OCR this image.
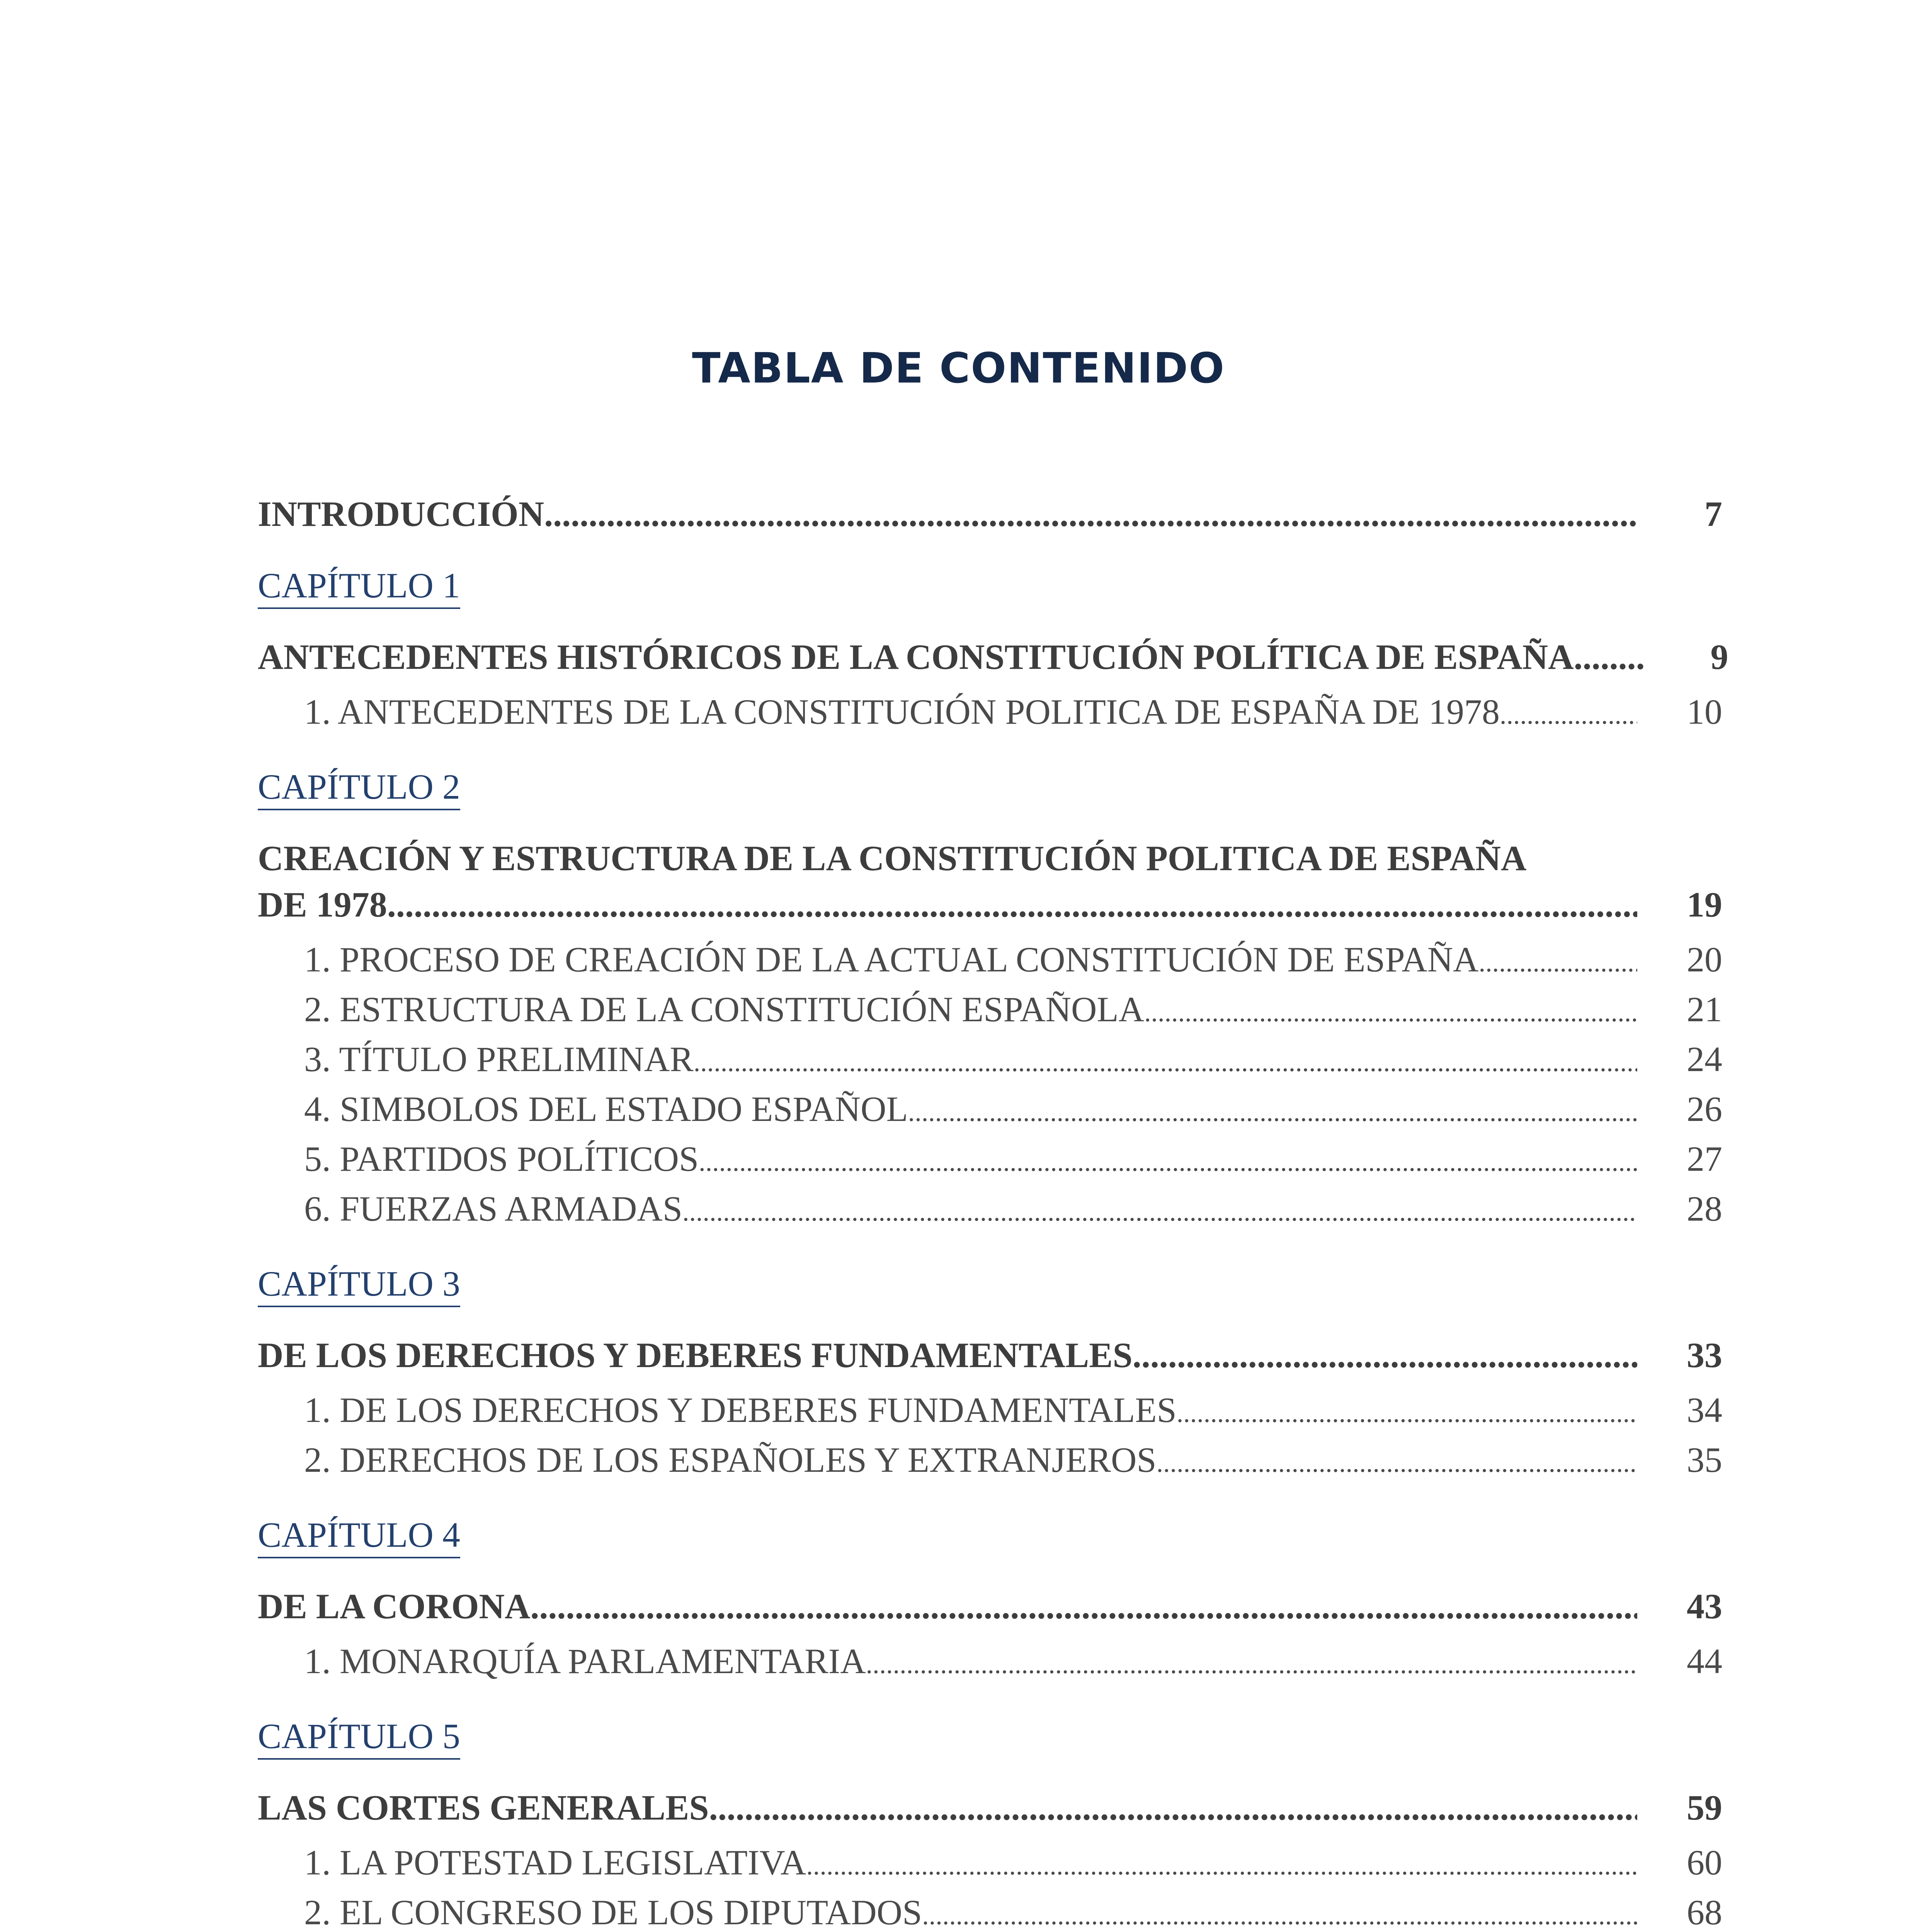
TABLA DE CONTENIDO
INTRODUCCIÓN .....	7
CAPÍTULO 1
ANTECEDENTES HISTÓRICOS DE LA CONSTITUCIÓN POLÍTICA DE ESPAÑA .....	9
1. ANTECEDENTES DE LA CONSTITUCIÓN POLITICA DE ESPAÑA DE 1978 .....	10
CAPÍTULO 2
CREACIÓN Y ESTRUCTURA DE LA CONSTITUCIÓN POLITICA DE ESPAÑA
DE 1978 .....	19
1. PROCESO DE CREACIÓN DE LA ACTUAL CONSTITUCIÓN DE ESPAÑA .....	20
2. ESTRUCTURA DE LA CONSTITUCIÓN ESPAÑOLA .....	21
3. TÍTULO PRELIMINAR .....	24
4. SIMBOLOS DEL ESTADO ESPAÑOL .....	26
5. PARTIDOS POLÍTICOS .....	27
6. FUERZAS ARMADAS .....	28
CAPÍTULO 3
DE LOS DERECHOS Y DEBERES FUNDAMENTALES .....	33
1. DE LOS DERECHOS Y DEBERES FUNDAMENTALES .....	34
2. DERECHOS DE LOS ESPAÑOLES Y EXTRANJEROS .....	35
CAPÍTULO 4
DE LA CORONA .....	43
1. MONARQUÍA PARLAMENTARIA .....	44
CAPÍTULO 5
LAS CORTES GENERALES .....	59
1. LA POTESTAD LEGISLATIVA .....	60
2. EL CONGRESO DE LOS DIPUTADOS .....	68
